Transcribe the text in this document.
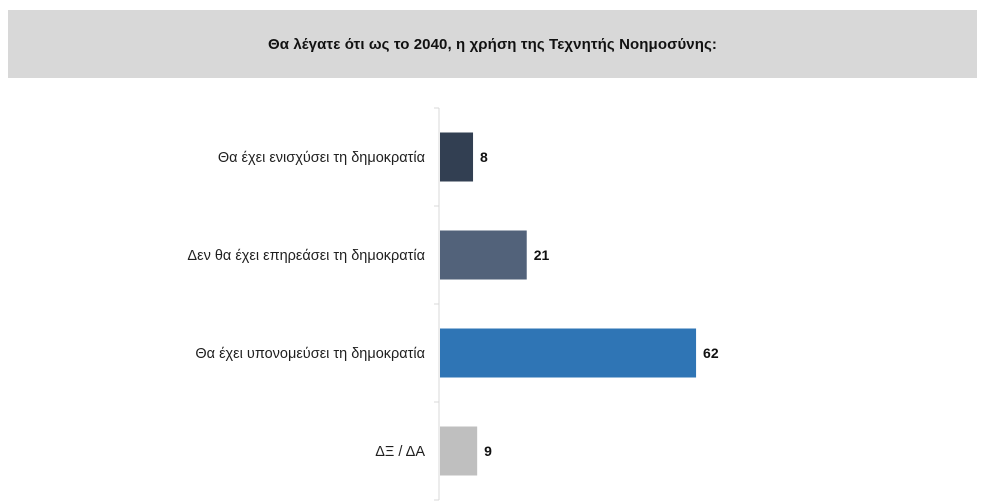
Θα λέγατε ότι ως το 2040, η χρήση της Τεχνητής Νοημοσύνης:
Θα έχει ενισχύσει τη δημοκρατία	8
Δεν θα έχει επηρεάσει τη δημοκρατία	21
Θα έχει υπονομεύσει τη δημοκρατία	62
ΔΞ / ΔΑ	9
